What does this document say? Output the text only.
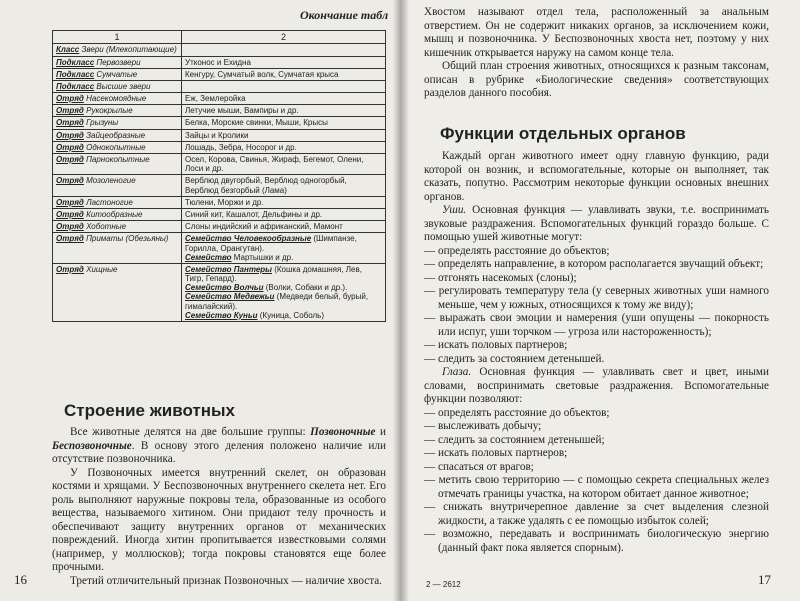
Окончание табл
1	2
Класс Звери (Млекопитающие)	
Подкласс Первозвери	Утконос и Ехидна
Подкласс Сумчатые	Кенгуру, Сумчатый волк, Сумчатая крыса
Подкласс Высшие звери	
Отряд Насекомоядные	Еж, Землеройка
Отряд Рукокрылые	Летучие мыши, Вампиры и др.
Отряд Грызуны	Белка, Морские свинки, Мыши, Крысы
Отряд Зайцеобразные	Зайцы и Кролики
Отряд Однокопытные	Лошадь, Зебра, Носорог и др.
Отряд Парнокопытные	Осел, Корова, Свинья, Жираф, Бегемот, Олени, Лоси и др.
Отряд Мозоленогие	Верблюд двугорбый, Верблюд одногорбый, Верблюд безгорбый (Лама)
Отряд Ластоногие	Тюлени, Моржи и др.
Отряд Китообразные	Синий кит, Кашалот, Дельфины и др.
Отряд Хоботные	Слоны индийский и африканский, Мамонт
Отряд Приматы (Обезьяны)	Семейство Человекообразные (Шимпанзе, Горилла, Орангутан).
Семейство Мартышки и др.

Отряд Хищные	Семейство Пантеры (Кошка домашняя, Лев, Тигр, Гепард).
Семейство Волчьи (Волки, Собаки и др.).
Семейство Медвежьи (Медведи белый, бурый, гималайский).
Семейство Куньи (Куница, Соболь)

Строение животных

Все животные делятся на две большие группы: Позвоночные и Беспозвоночные. В основу этого деления положено наличие или отсутствие позвоночника.

У Позвоночных имеется внутренний скелет, он образован костями и хрящами. У Беспозвоночных внутреннего скелета нет. Его роль выполняют наружные покровы тела, образованные из особого вещества, называемого хитином. Они придают телу прочность и обеспечивают защиту внутренних органов от механических повреждений. Иногда хитин пропитывается известковыми солями (например, у моллюсков); тогда покровы становятся еще более прочными.

Третий отличительный признак Позвоночных — наличие хвоста.

16

Хвостом называют отдел тела, расположенный за анальным отверстием. Он не содержит никаких органов, за исключением кожи, мышц и позвоночника. У Беспозвоночных хвоста нет, поэтому у них кишечник открывается наружу на самом конце тела.

Общий план строения животных, относящихся к разным таксонам, описан в рубрике «Биологические сведения» соответствующих разделов данного пособия.

Функции отдельных органов

Каждый орган животного имеет одну главную функцию, ради которой он возник, и вспомогательные, которые он выполняет, так сказать, попутно. Рассмотрим некоторые функции основных внешних органов.

Уши. Основная функция — улавливать звуки, т.е. воспринимать звуковые раздражения. Вспомогательных функций гораздо больше. С помощью ушей животные могут:

— определять расстояние до объектов;
— определять направление, в котором располагается звучащий объект;
— отгонять насекомых (слоны);
— регулировать температуру тела (у северных животных уши намного меньше, чем у южных, относящихся к тому же виду);
— выражать свои эмоции и намерения (уши опущены — покорность или испуг, уши торчком — угроза или настороженность);
— искать половых партнеров;
— следить за состоянием детенышей.

Глаза. Основная функция — улавливать свет и цвет, иными словами, воспринимать световые раздражения. Вспомогательные функции позволяют:

— определять расстояние до объектов;
— выслеживать добычу;
— следить за состоянием детенышей;
— искать половых партнеров;
— спасаться от врагов;
— метить свою территорию — с помощью секрета специальных желез отмечать границы участка, на котором обитает данное животное;
— снижать внутричерепное давление за счет выделения слезной жидкости, а также удалять с ее помощью избыток солей;
— возможно, передавать и воспринимать биологическую энергию (данный факт пока является спорным).
17
2 — 2612
